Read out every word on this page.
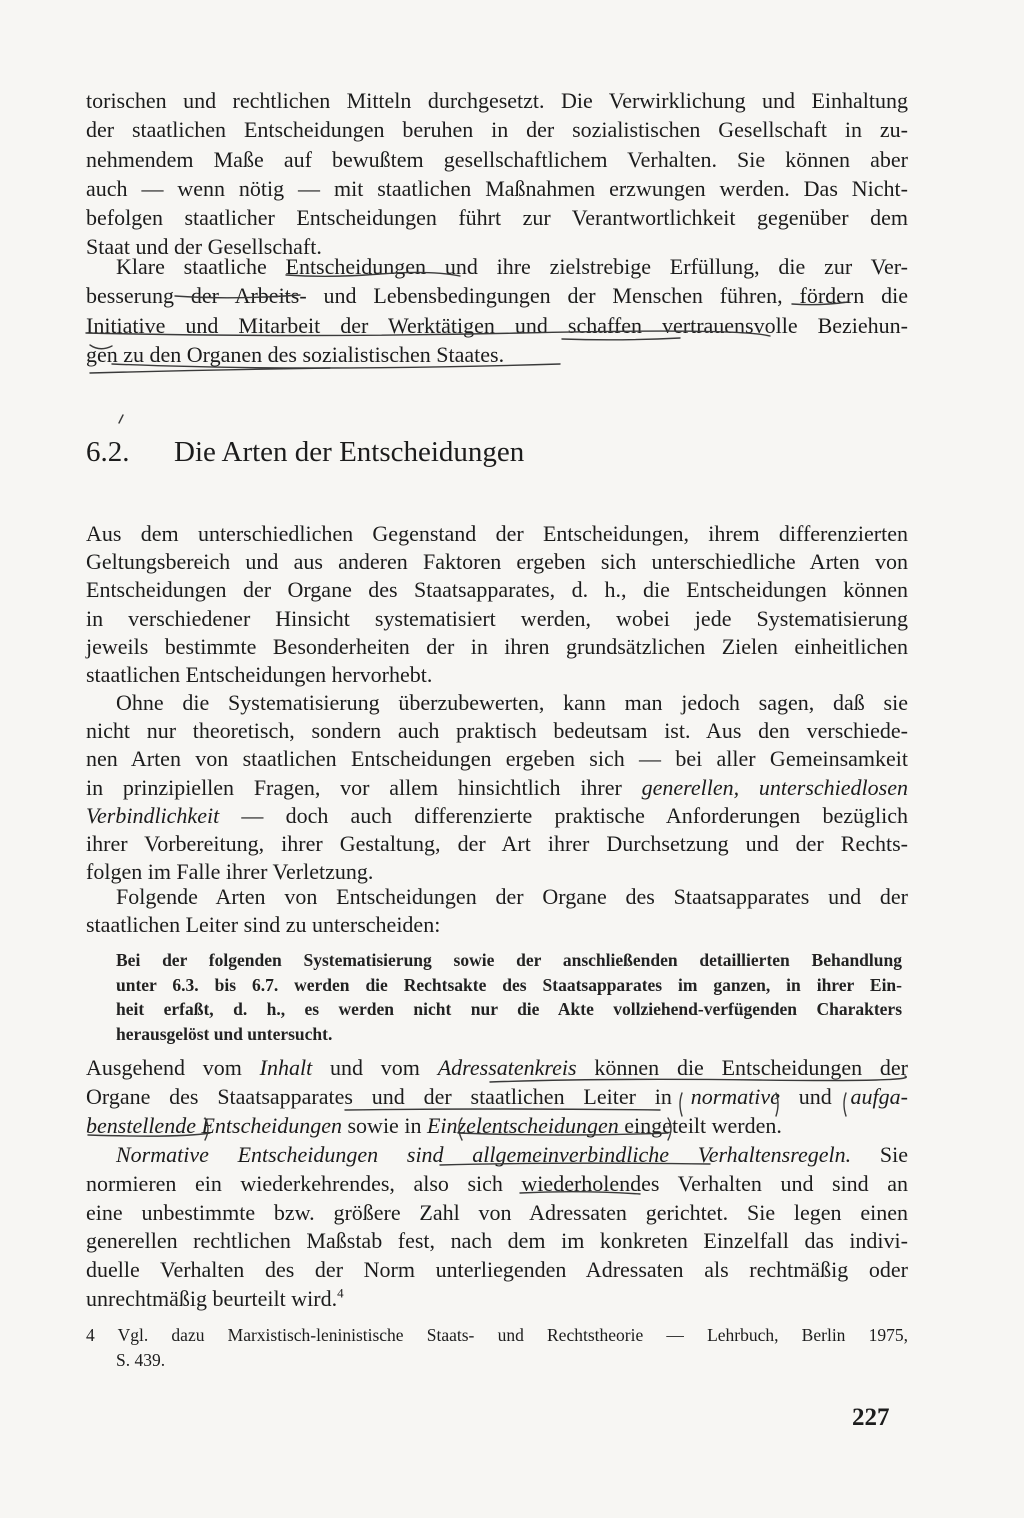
torischen und rechtlichen Mitteln durchgesetzt. Die Verwirklichung und Einhaltung
der staatlichen Entscheidungen beruhen in der sozialistischen Gesellschaft in zu-
nehmendem Maße auf bewußtem gesellschaftlichem Verhalten. Sie können aber
auch — wenn nötig — mit staatlichen Maßnahmen erzwungen werden. Das Nicht-
befolgen staatlicher Entscheidungen führt zur Verantwortlichkeit gegenüber dem
Staat und der Gesellschaft.
Klare staatliche Entscheidungen und ihre zielstrebige Erfüllung, die zur Ver-
besserung der Arbeits- und Lebensbedingungen der Menschen führen, fördern die
Initiative und Mitarbeit der Werktätigen und schaffen vertrauensvolle Beziehun-
gen zu den Organen des sozialistischen Staates.
6.2. Die Arten der Entscheidungen
Aus dem unterschiedlichen Gegenstand der Entscheidungen, ihrem differenzierten
Geltungsbereich und aus anderen Faktoren ergeben sich unterschiedliche Arten von
Entscheidungen der Organe des Staatsapparates, d. h., die Entscheidungen können
in verschiedener Hinsicht systematisiert werden, wobei jede Systematisierung
jeweils bestimmte Besonderheiten der in ihren grundsätzlichen Zielen einheitlichen
staatlichen Entscheidungen hervorhebt.
Ohne die Systematisierung überzubewerten, kann man jedoch sagen, daß sie
nicht nur theoretisch, sondern auch praktisch bedeutsam ist. Aus den verschiede-
nen Arten von staatlichen Entscheidungen ergeben sich — bei aller Gemeinsamkeit
in prinzipiellen Fragen, vor allem hinsichtlich ihrer generellen, unterschiedlosen
Verbindlichkeit — doch auch differenzierte praktische Anforderungen bezüglich
ihrer Vorbereitung, ihrer Gestaltung, der Art ihrer Durchsetzung und der Rechts-
folgen im Falle ihrer Verletzung.
Folgende Arten von Entscheidungen der Organe des Staatsapparates und der
staatlichen Leiter sind zu unterscheiden:
Bei der folgenden Systematisierung sowie der anschließenden detaillierten Behandlung
unter 6.3. bis 6.7. werden die Rechtsakte des Staatsapparates im ganzen, in ihrer Ein-
heit erfaßt, d. h., es werden nicht nur die Akte vollziehend-verfügenden Charakters
herausgelöst und untersucht.
Ausgehend vom Inhalt und vom Adressatenkreis können die Entscheidungen der
Organe des Staatsapparates und der staatlichen Leiter in normative und aufga-
benstellende Entscheidungen sowie in Einzelentscheidungen eingeteilt werden.
Normative Entscheidungen sind allgemeinverbindliche Verhaltensregeln. Sie
normieren ein wiederkehrendes, also sich wiederholendes Verhalten und sind an
eine unbestimmte bzw. größere Zahl von Adressaten gerichtet. Sie legen einen
generellen rechtlichen Maßstab fest, nach dem im konkreten Einzelfall das indivi-
duelle Verhalten des der Norm unterliegenden Adressaten als rechtmäßig oder
unrechtmäßig beurteilt wird.$^4$
4 Vgl. dazu Marxistisch-leninistische Staats- und Rechtstheorie — Lehrbuch, Berlin 1975,
S. 439.
227
